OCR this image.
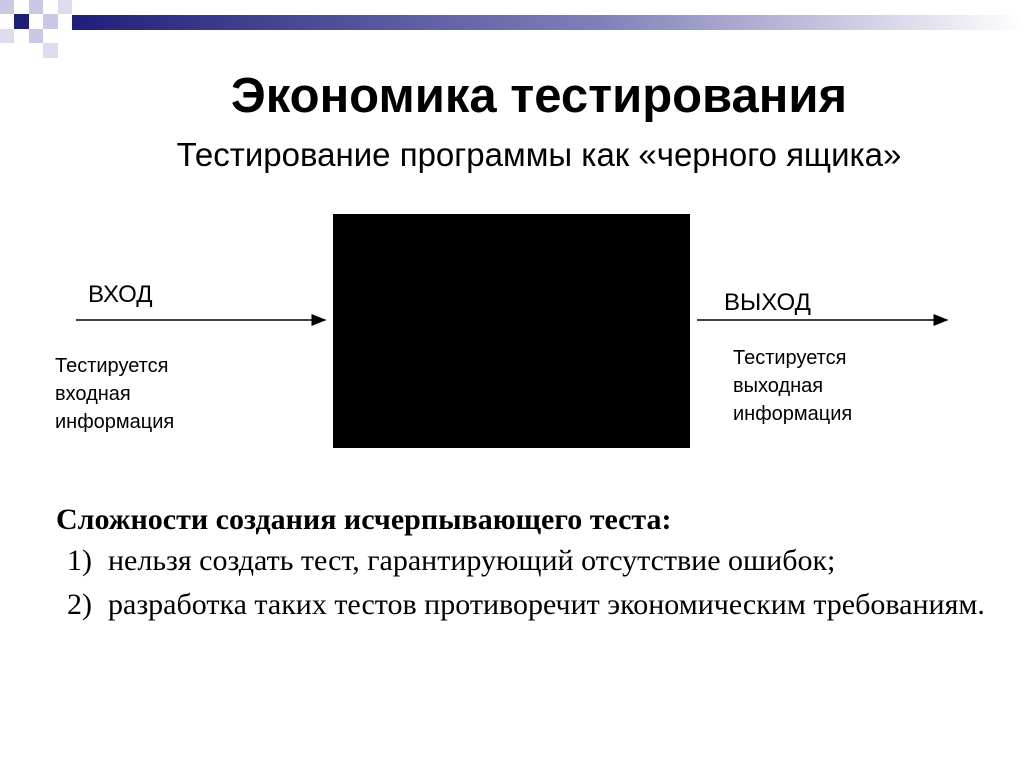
Экономика тестирования
Тестирование программы как «черного ящика»
ВХОД	ВЫХОД
Тестируется
входная
информация
Тестируется
выходная
информация
Сложности создания исчерпывающего теста:
1) нельзя создать тест, гарантирующий отсутствие ошибок;
2) разработка таких тестов противоречит экономическим требованиям.
